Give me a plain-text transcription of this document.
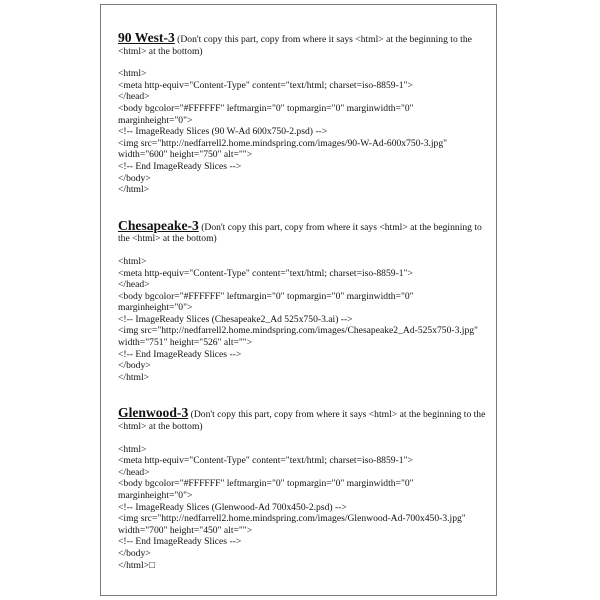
90 West-3 (Don't copy this part, copy from where it says <html> at the beginning to the <html> at the bottom)

<html>

<meta http-equiv="Content-Type" content="text/html; charset=iso-8859-1">

</head>

<body bgcolor="#FFFFFF" leftmargin="0" topmargin="0" marginwidth="0" marginheight="0">

<!-- ImageReady Slices (90 W-Ad 600x750-2.psd) -->

<img src="http://nedfarrell2.home.mindspring.com/images/90-W-Ad-600x750-3.jpg" width="600" height="750" alt="">

<!-- End ImageReady Slices -->

</body>

</html>

Chesapeake-3 (Don't copy this part, copy from where it says <html> at the beginning to the <html> at the bottom)

<html>

<meta http-equiv="Content-Type" content="text/html; charset=iso-8859-1">

</head>

<body bgcolor="#FFFFFF" leftmargin="0" topmargin="0" marginwidth="0" marginheight="0">

<!-- ImageReady Slices (Chesapeake2_Ad 525x750-3.ai) -->

<img src="http://nedfarrell2.home.mindspring.com/images/Chesapeake2_Ad-525x750-3.jpg" width="751" height="526" alt="">

<!-- End ImageReady Slices -->

</body>

</html>

Glenwood-3 (Don't copy this part, copy from where it says <html> at the beginning to the <html> at the bottom)

<html>

<meta http-equiv="Content-Type" content="text/html; charset=iso-8859-1">

</head>

<body bgcolor="#FFFFFF" leftmargin="0" topmargin="0" marginwidth="0" marginheight="0">

<!-- ImageReady Slices (Glenwood-Ad 700x450-2.psd) -->

<img src="http://nedfarrell2.home.mindspring.com/images/Glenwood-Ad-700x450-3.jpg" width="700" height="450" alt="">

<!-- End ImageReady Slices -->

</body>

</html>□
